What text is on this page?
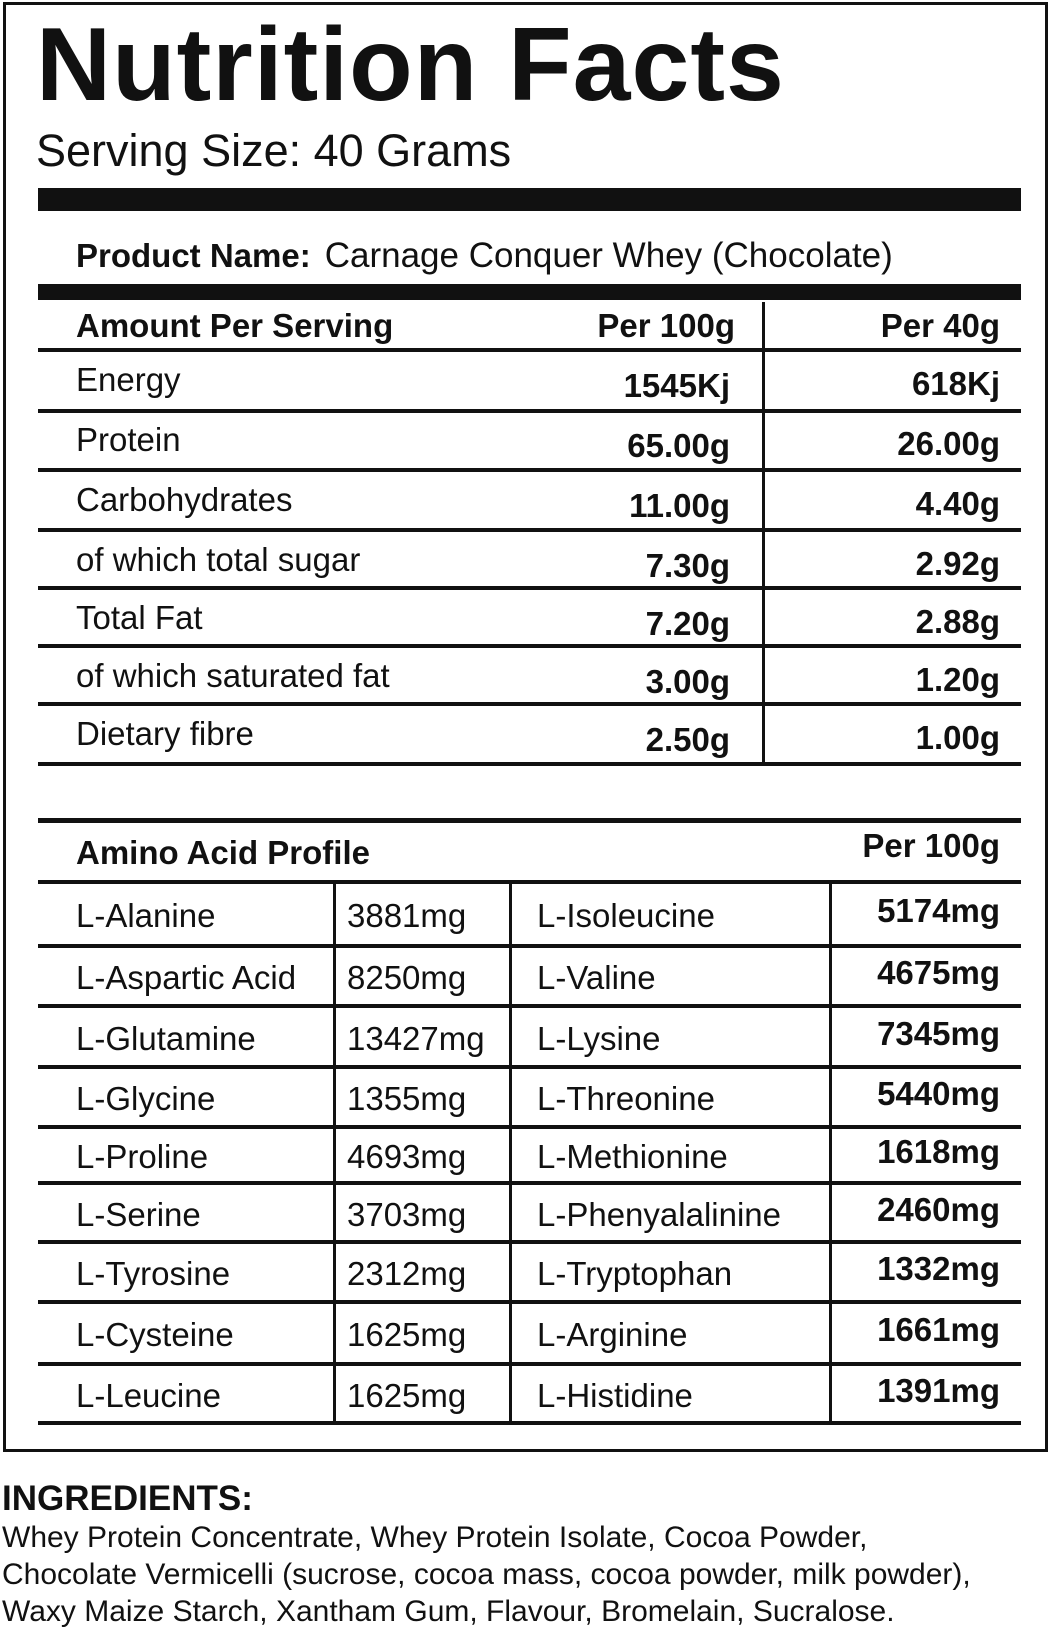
Nutrition Facts
Serving Size: 40 Grams
Product Name: Carnage Conquer Whey (Chocolate)
Amount Per Serving	Per 100g	Per 40g
Energy	1545Kj	618Kj
Protein	65.00g	26.00g
Carbohydrates	11.00g	4.40g
of which total sugar	7.30g	2.92g
Total Fat	7.20g	2.88g
of which saturated fat	3.00g	1.20g
Dietary fibre	2.50g	1.00g
Amino Acid Profile	Per 100g
L-Alanine	3881mg L-Isoleucine	5174mg
L-Aspartic Acid 8250mg L-Valine	4675mg
L-Glutamine	13427mg L-Lysine	7345mg
L-Glycine	1355mg L-Threonine	5440mg
L-Proline	4693mg L-Methionine	1618mg
L-Serine	3703mg L-Phenyalalinine	2460mg
L-Tyrosine	2312mg L-Tryptophan	1332mg
L-Cysteine	1625mg L-Arginine	1661mg
L-Leucine	1625mg L-Histidine	1391mg
INGREDIENTS:
Whey Protein Concentrate, Whey Protein Isolate, Cocoa Powder,
Chocolate Vermicelli (sucrose, cocoa mass, cocoa powder, milk powder),
Waxy Maize Starch, Xantham Gum, Flavour, Bromelain, Sucralose.
